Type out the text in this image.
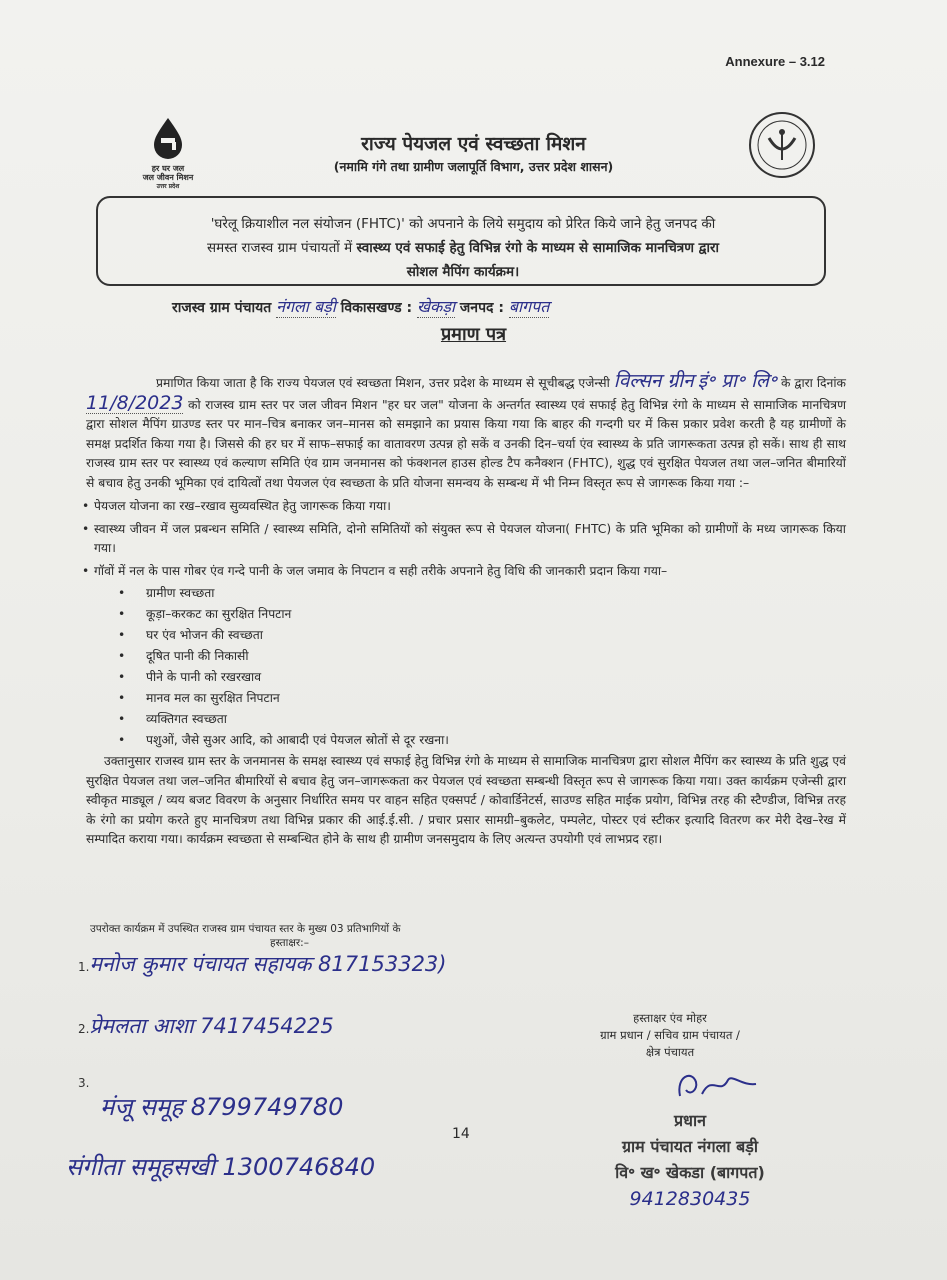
Annexure – 3.12
हर घर जल
जल जीवन मिशन
उत्तर प्रदेश
राज्य पेयजल एवं स्वच्छता मिशन
(नमामि गंगे तथा ग्रामीण जलापूर्ति विभाग, उत्तर प्रदेश शासन)
'घरेलू क्रियाशील नल संयोजन (FHTC)' को अपनाने के लिये समुदाय को प्रेरित किये जाने हेतु जनपद की
समस्त राजस्व ग्राम पंचायतों में स्वास्थ्य एवं सफाई हेतु विभिन्न रंगो के माध्यम से सामाजिक मानचित्रण द्वारा
सोशल मैपिंग कार्यक्रम।
राजस्व ग्राम पंचायत नंगला बड़ी विकासखण्ड : खेकड़ा जनपद : बागपत
प्रमाण पत्र
प्रमाणित किया जाता है कि राज्य पेयजल एवं स्वच्छता मिशन, उत्तर प्रदेश के माध्यम से सूचीबद्ध एजेन्सी विल्सन ग्रीन इं॰ प्रा॰ लि॰ के द्वारा दिनांक 11/8/2023 को राजस्व ग्राम स्तर पर जल जीवन मिशन "हर घर जल" योजना के अन्तर्गत स्वास्थ्य एवं सफाई हेतु विभिन्न रंगो के माध्यम से सामाजिक मानचित्रण द्वारा सोशल मैपिंग ग्राउण्ड स्तर पर मान–चित्र बनाकर जन–मानस को समझाने का प्रयास किया गया कि बाहर की गन्दगी घर में किस प्रकार प्रवेश करती है यह ग्रामीणों के समक्ष प्रदर्शित किया गया है। जिससे की हर घर में साफ–सफाई का वातावरण उत्पन्न हो सकें व उनकी दिन–चर्या एंव स्वास्थ्य के प्रति जागरूकता उत्पन्न हो सकें। साथ ही साथ राजस्व ग्राम स्तर पर स्वास्थ्य एवं कल्याण समिति एंव ग्राम जनमानस को फंक्शनल हाउस होल्ड टैप कनैक्शन (FHTC), शुद्ध एवं सुरक्षित पेयजल तथा जल–जनित बीमारियों से बचाव हेतु उनकी भूमिका एवं दायित्वों तथा पेयजल एंव स्वच्छता के प्रति योजना समन्वय के सम्बन्ध में भी निम्न विस्तृत रूप से जागरूक किया गया :–
• पेयजल योजना का रख–रखाव सुव्यवस्थित हेतु जागरूक किया गया।
• स्वास्थ्य जीवन में जल प्रबन्धन समिति / स्वास्थ्य समिति, दोनो समितियों को संयुक्त रूप से पेयजल योजना( FHTC) के प्रति भूमिका को ग्रामीणों के मध्य जागरूक किया गया।
• गॉवों में नल के पास गोबर एंव गन्दे पानी के जल जमाव के निपटान व सही तरीके अपनाने हेतु विधि की जानकारी प्रदान किया गया–
• ग्रामीण स्वच्छता
• कूड़ा–करकट का सुरक्षित निपटान
• घर एंव भोजन की स्वच्छता
• दूषित पानी की निकासी
• पीने के पानी को रखरखाव
• मानव मल का सुरक्षित निपटान
• व्यक्तिगत स्वच्छता
• पशुओं, जैसे सुअर आदि, को आबादी एवं पेयजल स्रोतों से दूर रखना।
उक्तानुसार राजस्व ग्राम स्तर के जनमानस के समक्ष स्वास्थ्य एवं सफाई हेतु विभिन्न रंगो के माध्यम से सामाजिक मानचित्रण द्वारा सोशल मैपिंग कर स्वास्थ्य के प्रति शुद्ध एवं सुरक्षित पेयजल तथा जल–जनित बीमारियों से बचाव हेतु जन–जागरूकता कर पेयजल एवं स्वच्छता सम्बन्धी विस्तृत रूप से जागरूक किया गया। उक्त कार्यक्रम एजेन्सी द्वारा स्वीकृत माड्यूल / व्यय बजट विवरण के अनुसार निर्धारित समय पर वाहन सहित एक्सपर्ट / कोवार्डिनेटर्स, साउण्ड सहित माईक प्रयोग, विभिन्न तरह की स्टैण्डीज, विभिन्न तरह के रंगो का प्रयोग करते हुए मानचित्रण तथा विभिन्न प्रकार की आई.ई.सी. / प्रचार प्रसार सामग्री–बुकलेट, पम्पलेट, पोस्टर एवं स्टीकर इत्यादि वितरण कर मेरी देख–रेख में सम्पादित कराया गया। कार्यक्रम स्वच्छता से सम्बन्धित होने के साथ ही ग्रामीण जनसमुदाय के लिए अत्यन्त उपयोगी एवं लाभप्रद रहा।
उपरोक्त कार्यक्रम में उपस्थित राजस्व ग्राम पंचायत स्तर के मुख्य 03 प्रतिभागियों के
हस्ताक्षर:–
1.मनोज कुमार पंचायत सहायक 817153323)
2.प्रेमलता आशा 7417454225
3.
मंजू समूह 8799749780
संगीता समूहसखी 1300746840
हस्ताक्षर एंव मोहर
ग्राम प्रधान / सचिव ग्राम पंचायत /
क्षेत्र पंचायत
प्रधान
ग्राम पंचायत नंगला बड़ी
वि॰ ख॰ खेकडा (बागपत)
9412830435
14
